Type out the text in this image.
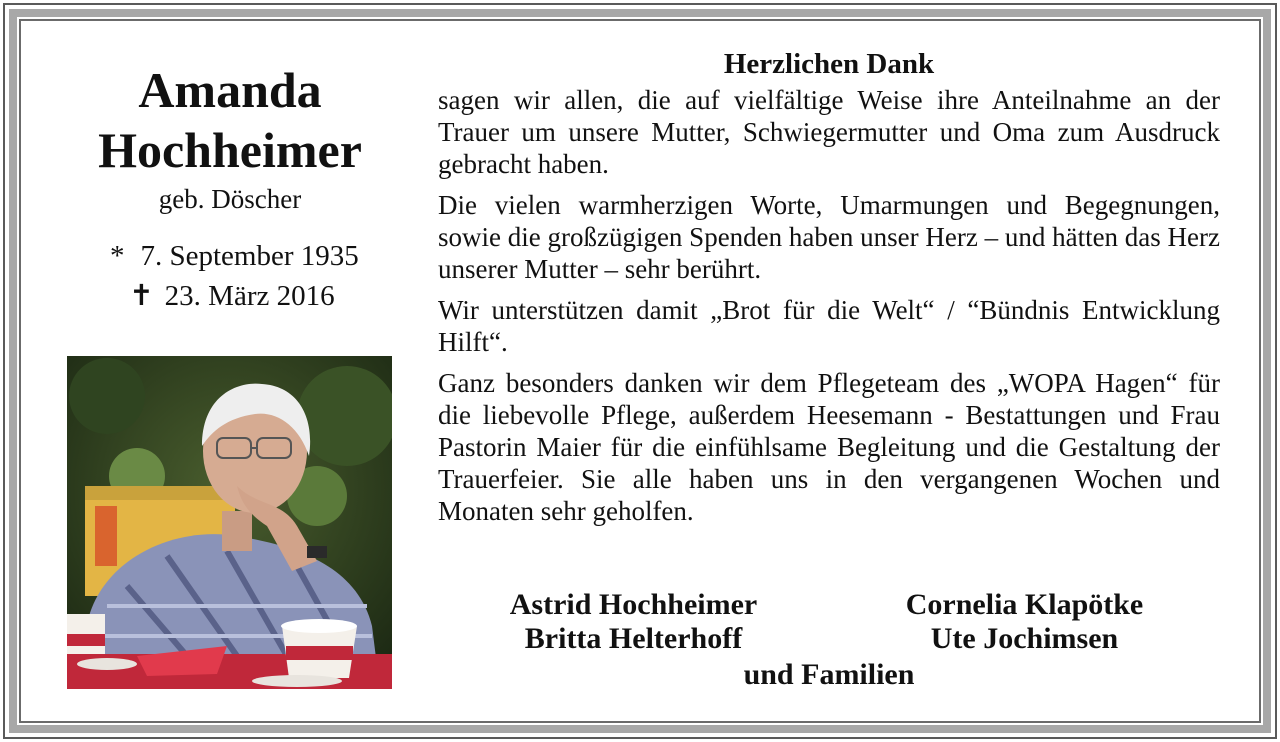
Amanda
Hochheimer
geb. Döscher
* 7. September 1935
✝ 23. März 2016
Herzlichen Dank

sagen wir allen, die auf vielfältige Weise ihre Anteilnahme an der Trauer um unsere Mutter, Schwiegermutter und Oma zum Ausdruck gebracht haben.

Die vielen warmherzigen Worte, Umarmungen und Begegnungen, sowie die großzügigen Spenden haben unser Herz – und hätten das Herz unserer Mutter – sehr berührt.

Wir unterstützen damit „Brot für die Welt“ / “Bündnis Entwicklung Hilft“.

Ganz besonders danken wir dem Pflegeteam des „WOPA Hagen“ für die liebevolle Pflege, außerdem Heesemann - Bestattungen und Frau Pastorin Maier für die einfühlsame Begleitung und die Gestaltung der Trauerfeier. Sie alle haben uns in den vergangenen Wochen und Monaten sehr geholfen.

Astrid Hochheimer	Cornelia Klapötke
Britta Helterhoff	Ute Jochimsen
und Familien
